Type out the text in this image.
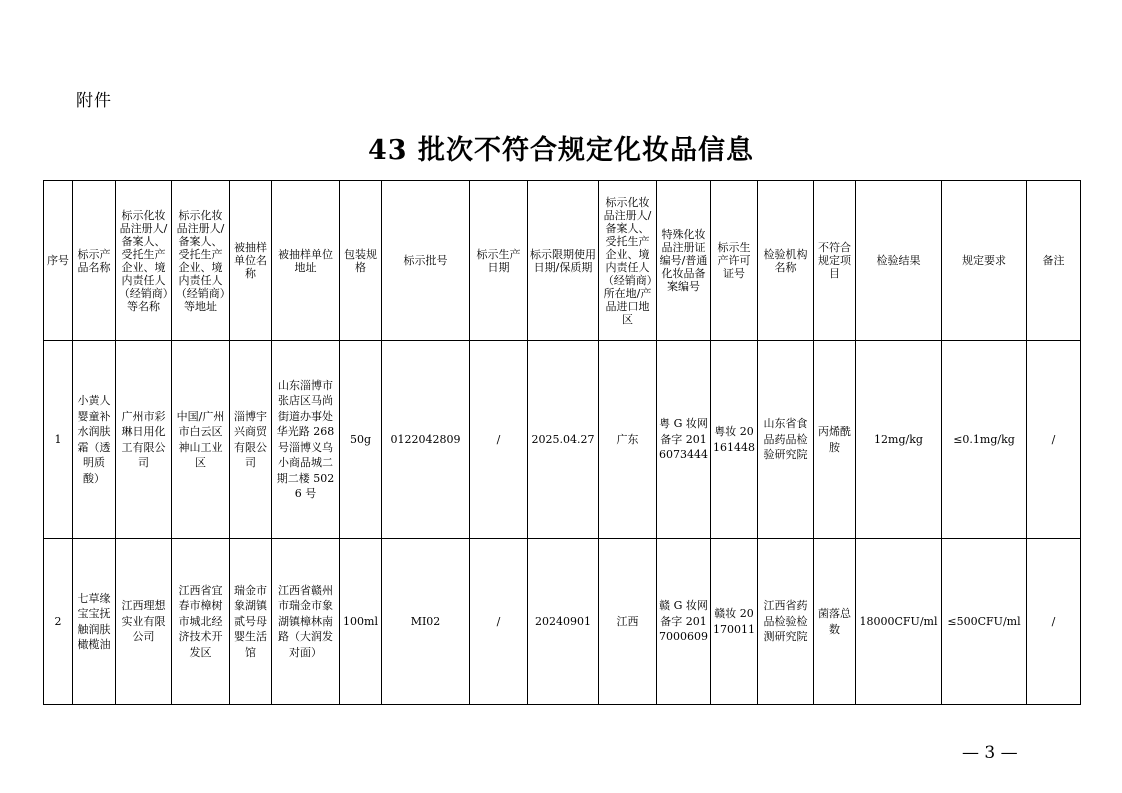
附件
43 批次不符合规定化妆品信息
序号	标示产品名称	标示化妆品注册人/备案人、受托生产企业、境内责任人（经销商）等名称	标示化妆品注册人/备案人、受托生产企业、境内责任人（经销商）等地址	被抽样单位名称	被抽样单位地址	包装规格	标示批号	标示生产日期	标示限期使用日期/保质期	标示化妆品注册人/备案人、受托生产企业、境内责任人（经销商）所在地/产品进口地区	特殊化妆品注册证编号/普通化妆品备案编号	标示生产许可证号	检验机构名称	不符合规定项目	检验结果	规定要求	备注
1	小黄人婴童补水润肤霜（透明质酸）	广州市彩琳日用化工有限公司	中国/广州市白云区神山工业区	淄博宇兴商贸有限公司	山东淄博市张店区马尚街道办事处华光路 268 号淄博义乌小商品城二期二楼 5026 号	50g	0122042809	/	2025.04.27	广东	粤 G 妆网备字 2016073444	粤妆 20161448	山东省食品药品检验研究院	丙烯酰胺	12mg/kg	≤0.1mg/kg	/
2	七草缘宝宝抚触润肤橄榄油	江西理想实业有限公司	江西省宜春市樟树市城北经济技术开发区	瑞金市象湖镇贰号母婴生活馆	江西省赣州市瑞金市象湖镇樟林南路（大润发对面）	100ml	MI02	/	20240901	江西	赣 G 妆网备字 2017000609	赣妆 20170011	江西省药品检验检测研究院	菌落总数	18000CFU/ml	≤500CFU/ml	/
— 3 —
